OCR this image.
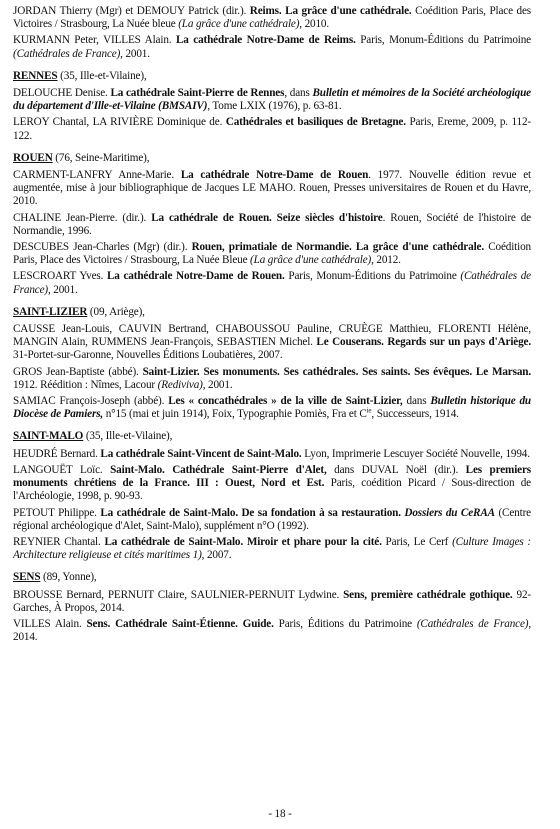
JORDAN Thierry (Mgr) et DEMOUY Patrick (dir.). Reims. La grâce d'une cathédrale. Coédition Paris, Place des Victoires / Strasbourg, La Nuée bleue (La grâce d'une cathédrale), 2010.

KURMANN Peter, VILLES Alain. La cathédrale Notre-Dame de Reims. Paris, Monum-Éditions du Patrimoine (Cathédrales de France), 2001.

RENNES (35, Ille-et-Vilaine),

DELOUCHE Denise. La cathédrale Saint-Pierre de Rennes, dans Bulletin et mémoires de la Société archéologique du département d'Ille-et-Vilaine (BMSAIV), Tome LXIX (1976), p. 63-81.

LEROY Chantal, LA RIVIÈRE Dominique de. Cathédrales et basiliques de Bretagne. Paris, Ereme, 2009, p. 112-122.

ROUEN (76, Seine-Maritime),

CARMENT-LANFRY Anne-Marie. La cathédrale Notre-Dame de Rouen. 1977. Nouvelle édition revue et augmentée, mise à jour bibliographique de Jacques LE MAHO. Rouen, Presses universitaires de Rouen et du Havre, 2010.

CHALINE Jean-Pierre. (dir.). La cathédrale de Rouen. Seize siècles d'histoire. Rouen, Société de l'histoire de Normandie, 1996.

DESCUBES Jean-Charles (Mgr) (dir.). Rouen, primatiale de Normandie. La grâce d'une cathédrale. Coédition Paris, Place des Victoires / Strasbourg, La Nuée Bleue (La grâce d'une cathédrale), 2012.

LESCROART Yves. La cathédrale Notre-Dame de Rouen. Paris, Monum-Éditions du Patrimoine (Cathédrales de France), 2001.

SAINT-LIZIER (09, Ariège),

CAUSSE Jean-Louis, CAUVIN Bertrand, CHABOUSSOU Pauline, CRUÈGE Matthieu, FLORENTI Hélène, MANGIN Alain, RUMMENS Jean-François, SEBASTIEN Michel. Le Couserans. Regards sur un pays d'Ariège. 31-Portet-sur-Garonne, Nouvelles Éditions Loubatières, 2007.

GROS Jean-Baptiste (abbé). Saint-Lizier. Ses monuments. Ses cathédrales. Ses saints. Ses évêques. Le Marsan. 1912. Réédition : Nîmes, Lacour (Rediviva), 2001.

SAMIAC François-Joseph (abbé). Les « concathédrales » de la ville de Saint-Lizier, dans Bulletin historique du Diocèse de Pamiers, n°15 (mai et juin 1914), Foix, Typographie Pomiès, Fra et $C^{ie}$, Successeurs, 1914.

SAINT-MALO (35, Ille-et-Vilaine),

HEUDRÉ Bernard. La cathédrale Saint-Vincent de Saint-Malo. Lyon, Imprimerie Lescuyer Société Nouvelle, 1994.

LANGOUËT Loïc. Saint-Malo. Cathédrale Saint-Pierre d'Alet, dans DUVAL Noël (dir.). Les premiers monuments chrétiens de la France. III : Ouest, Nord et Est. Paris, coédition Picard / Sous-direction de l'Archéologie, 1998, p. 90-93.

PETOUT Philippe. La cathédrale de Saint-Malo. De sa fondation à sa restauration. Dossiers du CeRAA (Centre régional archéologique d'Alet, Saint-Malo), supplément n°O (1992).

REYNIER Chantal. La cathédrale de Saint-Malo. Miroir et phare pour la cité. Paris, Le Cerf (Culture Images : Architecture religieuse et cités maritimes 1), 2007.

SENS (89, Yonne),

BROUSSE Bernard, PERNUIT Claire, SAULNIER-PERNUIT Lydwine. Sens, première cathédrale gothique. 92-Garches, À Propos, 2014.

VILLES Alain. Sens. Cathédrale Saint-Étienne. Guide. Paris, Éditions du Patrimoine (Cathédrales de France), 2014.

- 18 -
